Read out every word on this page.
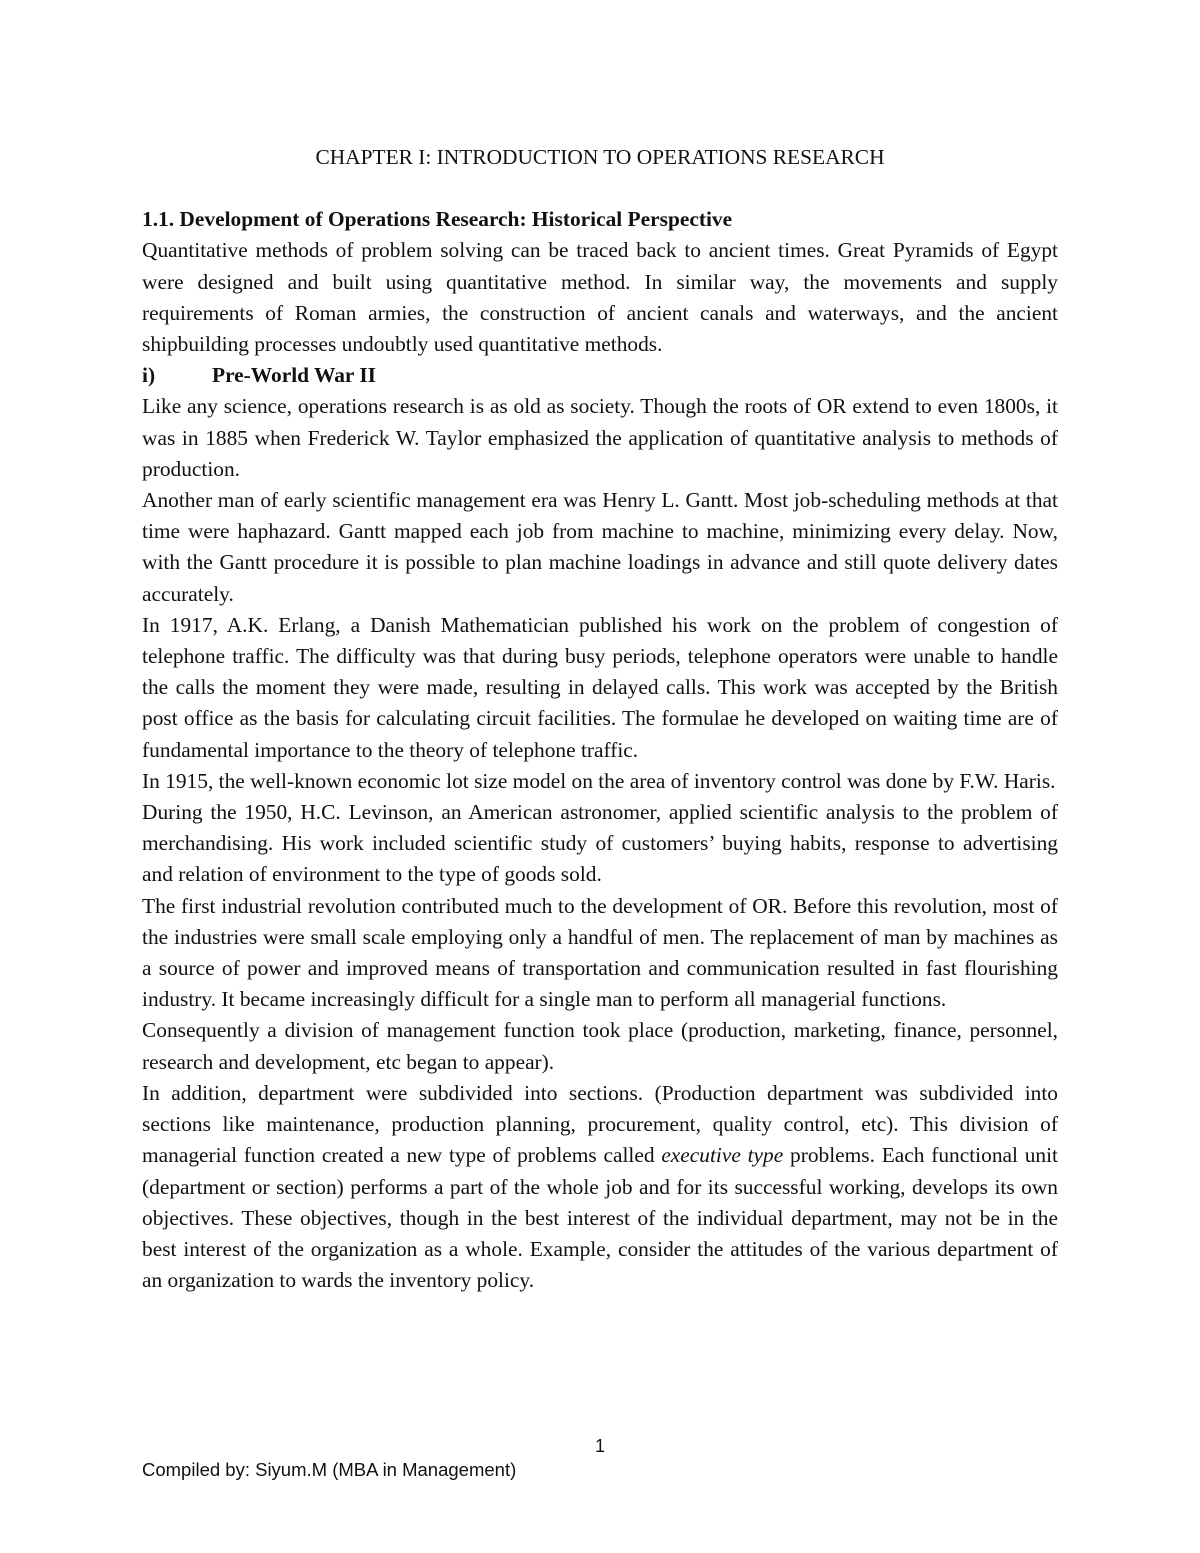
CHAPTER I: INTRODUCTION TO OPERATIONS RESEARCH

1.1. Development of Operations Research: Historical Perspective

Quantitative methods of problem solving can be traced back to ancient times. Great Pyramids of Egypt were designed and built using quantitative method. In similar way, the movements and supply requirements of Roman armies, the construction of ancient canals and waterways, and the ancient shipbuilding processes undoubtly used quantitative methods.

i)	Pre-World War II

Like any science, operations research is as old as society. Though the roots of OR extend to even 1800s, it was in 1885 when Frederick W. Taylor emphasized the application of quantitative analysis to methods of production.

Another man of early scientific management era was Henry L. Gantt. Most job-scheduling methods at that time were haphazard. Gantt mapped each job from machine to machine, minimizing every delay. Now, with the Gantt procedure it is possible to plan machine loadings in advance and still quote delivery dates accurately.

In 1917, A.K. Erlang, a Danish Mathematician published his work on the problem of congestion of telephone traffic. The difficulty was that during busy periods, telephone operators were unable to handle the calls the moment they were made, resulting in delayed calls. This work was accepted by the British post office as the basis for calculating circuit facilities. The formulae he developed on waiting time are of fundamental importance to the theory of telephone traffic.

In 1915, the well-known economic lot size model on the area of inventory control was done by F.W. Haris.

During the 1950, H.C. Levinson, an American astronomer, applied scientific analysis to the problem of merchandising. His work included scientific study of customers’ buying habits, response to advertising and relation of environment to the type of goods sold.

The first industrial revolution contributed much to the development of OR. Before this revolution, most of the industries were small scale employing only a handful of men. The replacement of man by machines as a source of power and improved means of transportation and communication resulted in fast flourishing industry. It became increasingly difficult for a single man to perform all managerial functions.

Consequently a division of management function took place (production, marketing, finance, personnel, research and development, etc began to appear).

In addition, department were subdivided into sections. (Production department was subdivided into sections like maintenance, production planning, procurement, quality control, etc). This division of managerial function created a new type of problems called executive type problems. Each functional unit (department or section) performs a part of the whole job and for its successful working, develops its own objectives. These objectives, though in the best interest of the individual department, may not be in the best interest of the organization as a whole. Example, consider the attitudes of the various department of an organization to wards the inventory policy.

1
Compiled by: Siyum.M (MBA in Management)
